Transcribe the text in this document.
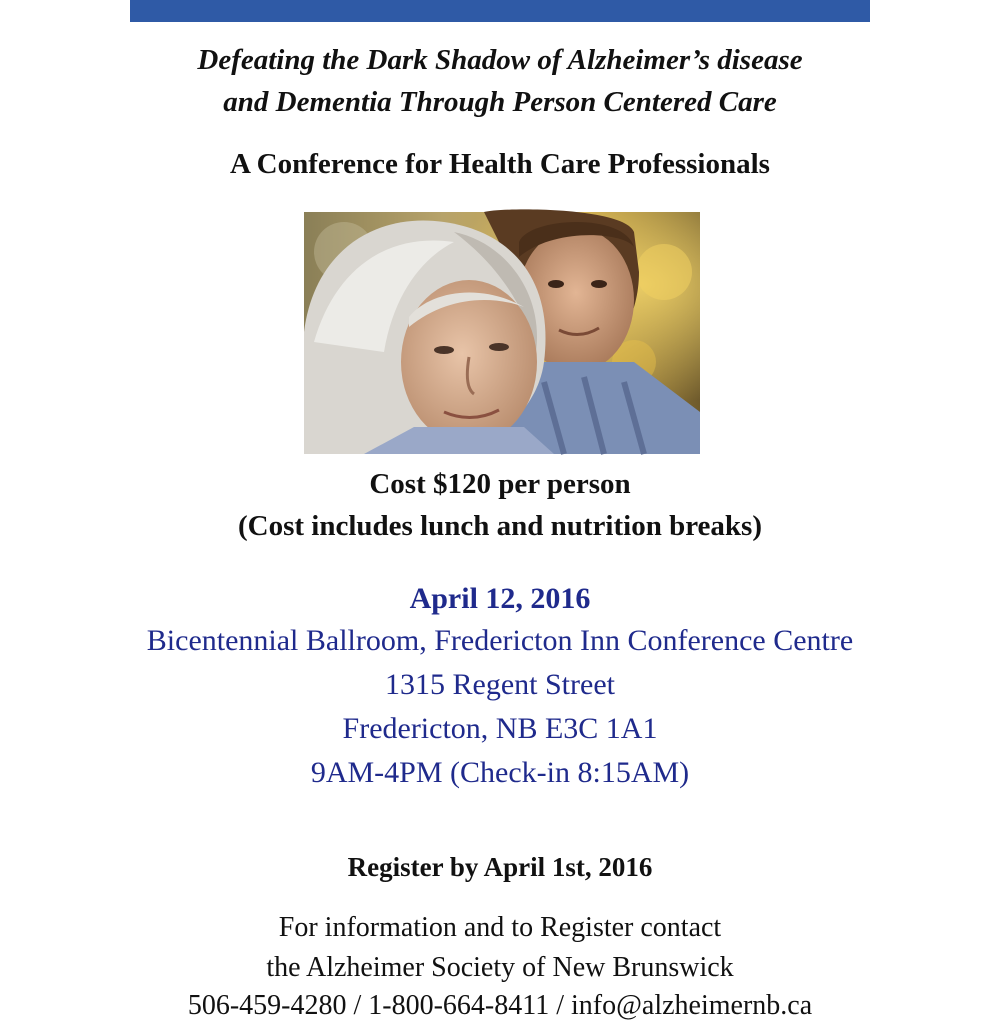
Defeating the Dark Shadow of Alzheimer’s disease
and Dementia Through Person Centered Care
A Conference for Health Care Professionals
Cost $120 per person
(Cost includes lunch and nutrition breaks)
April 12, 2016
Bicentennial Ballroom, Fredericton Inn Conference Centre
1315 Regent Street
Fredericton, NB E3C 1A1
9AM-4PM (Check-in 8:15AM)
Register by April 1st, 2016
For information and to Register contact
the Alzheimer Society of New Brunswick
506-459-4280 / 1-800-664-8411 / info@alzheimernb.ca
